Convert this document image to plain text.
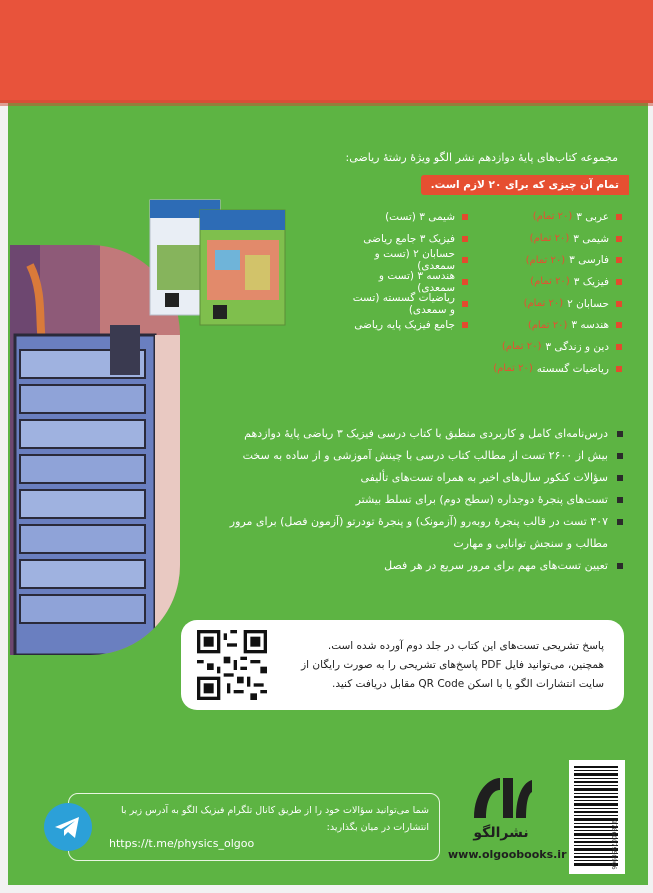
مجموعه کتاب‌های پایهٔ دوازدهم نشر الگو ویژهٔ رشتهٔ ریاضی:
تمام آن چیزی که برای ۲۰ لازم است.
عربی ۳
(۲۰ تمام)
شیمی ۳
(۲۰ تمام)
فارسی ۳
(۲۰ تمام)
فیزیک ۳
(۲۰ تمام)
حسابان ۲
(۲۰ تمام)
هندسه ۳
(۲۰ تمام)
دین و زندگی ۳
(۲۰ تمام)
ریاضیات گسسته
(۲۰ تمام)
شیمی ۳ (تست)
فیزیک ۳ جامع ریاضی
حسابان ۲ (تست و سمعدی)
هندسه ۳ (تست و سمعدی)
ریاضیات گسسته (تست و سمعدی)
جامع فیزیک پایه ریاضی
درس‌نامه‌ای کامل و کاربردی منطبق با کتاب درسی فیزیک ۳ ریاضی پایهٔ دوازدهم
بیش از ۲۶۰۰ تست از مطالب کتاب درسی با چینش آموزشی و از ساده به سخت
سؤالات کنکور سال‌های اخیر به همراه تست‌های تألیفی
تست‌های پنجرهٔ دوجداره (سطح دوم) برای تسلط بیشتر
۳۰۷ تست در قالب پنجرهٔ روبه‌رو (آزمونک) و پنجرهٔ تودرتو (آزمون فصل) برای مرور مطالب و سنجش توانایی و مهارت
تعیین تست‌های مهم برای مرور سریع در هر فصل
پاسخ تشریحی تست‌های این کتاب در جلد دوم آورده شده است.
همچنین، می‌توانید فایل PDF پاسخ‌های تشریحی را به صورت رایگان از
سایت انتشارات الگو یا با اسکن QR Code مقابل دریافت کنید.
شما می‌توانید سؤالات خود را از طریق کانال تلگرام فیزیک الگو به آدرس زیر با انتشارات در میان بگذارید:
https://t.me/physics_olgoo
نشرالگو
www.olgoobooks.ir	9786007950906
